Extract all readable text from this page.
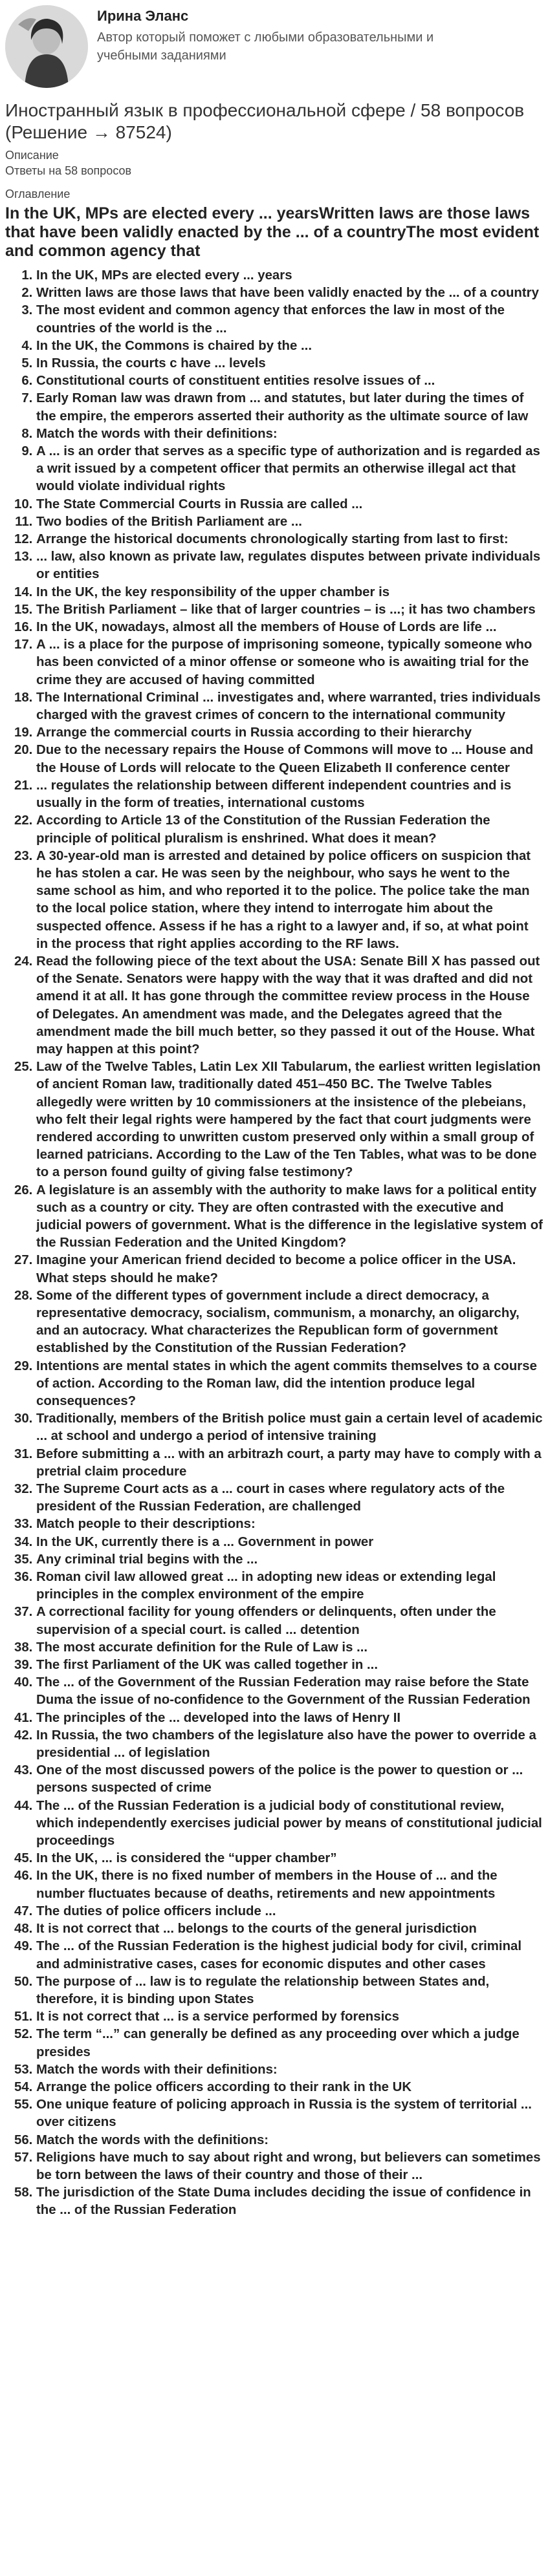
Ирина Эланс
Автор который поможет с любыми образовательными и учебными заданиями
Иностранный язык в профессиональной сфере / 58 вопросов (Решение → 87524)
Описание
Ответы на 58 вопросов
Оглавление
In the UK, MPs are elected every ... yearsWritten laws are those laws that have been validly enacted by the ... of a countryThe most evident and common agency that
1. In the UK, MPs are elected every ... years
2. Written laws are those laws that have been validly enacted by the ... of a country
3. The most evident and common agency that enforces the law in most of the countries of the world is the ...
4. In the UK, the Commons is chaired by the ...
5. In Russia, the courts c have ... levels
6. Constitutional courts of constituent entities resolve issues of ...
7. Early Roman law was drawn from ... and statutes, but later during the times of the empire, the emperors asserted their authority as the ultimate source of law
8. Match the words with their definitions:
9. A ... is an order that serves as a specific type of authorization and is regarded as a writ issued by a competent officer that permits an otherwise illegal act that would violate individual rights
10. The State Commercial Courts in Russia are called ...
11. Two bodies of the British Parliament are ...
12. Arrange the historical documents chronologically starting from last to first:
13. ... law, also known as private law, regulates disputes between private individuals or entities
14. In the UK, the key responsibility of the upper chamber is
15. The British Parliament – like that of larger countries – is ...; it has two chambers
16. In the UK, nowadays, almost all the members of House of Lords are life ...
17. A ... is a place for the purpose of imprisoning someone, typically someone who has been convicted of a minor offense or someone who is awaiting trial for the crime they are accused of having committed
18. The International Criminal ... investigates and, where warranted, tries individuals charged with the gravest crimes of concern to the international community
19. Arrange the commercial courts in Russia according to their hierarchy
20. Due to the necessary repairs the House of Commons will move to ... House and the House of Lords will relocate to the Queen Elizabeth II conference center
21. ... regulates the relationship between different independent countries and is usually in the form of treaties, international customs
22. According to Article 13 of the Constitution of the Russian Federation the principle of political pluralism is enshrined. What does it mean?
23. A 30-year-old man is arrested and detained by police officers on suspicion that he has stolen a car. He was seen by the neighbour, who says he went to the same school as him, and who reported it to the police. The police take the man to the local police station, where they intend to interrogate him about the suspected offence. Assess if he has a right to a lawyer and, if so, at what point in the process that right applies according to the RF laws.
24. Read the following piece of the text about the USA: Senate Bill X has passed out of the Senate. Senators were happy with the way that it was drafted and did not amend it at all. It has gone through the committee review process in the House of Delegates. An amendment was made, and the Delegates agreed that the amendment made the bill much better, so they passed it out of the House. What may happen at this point?
25. Law of the Twelve Tables, Latin Lex XII Tabularum, the earliest written legislation of ancient Roman law, traditionally dated 451–450 BC. The Twelve Tables allegedly were written by 10 commissioners at the insistence of the plebeians, who felt their legal rights were hampered by the fact that court judgments were rendered according to unwritten custom preserved only within a small group of learned patricians. According to the Law of the Ten Tables, what was to be done to a person found guilty of giving false testimony?
26. A legislature is an assembly with the authority to make laws for a political entity such as a country or city. They are often contrasted with the executive and judicial powers of government. What is the difference in the legislative system of the Russian Federation and the United Kingdom?
27. Imagine your American friend decided to become a police officer in the USA. What steps should he make?
28. Some of the different types of government include a direct democracy, a representative democracy, socialism, communism, a monarchy, an oligarchy, and an autocracy. What characterizes the Republican form of government established by the Constitution of the Russian Federation?
29. Intentions are mental states in which the agent commits themselves to a course of action. According to the Roman law, did the intention produce legal consequences?
30. Traditionally, members of the British police must gain a certain level of academic ... at school and undergo a period of intensive training
31. Before submitting a ... with an arbitrazh court, a party may have to comply with a pretrial claim procedure
32. The Supreme Court acts as a ... court in cases where regulatory acts of the president of the Russian Federation, are challenged
33. Match people to their descriptions:
34. In the UK, currently there is a ... Government in power
35. Any criminal trial begins with the ...
36. Roman civil law allowed great ... in adopting new ideas or extending legal principles in the complex environment of the empire
37. A correctional facility for young offenders or delinquents, often under the supervision of a special court. is called ... detention
38. The most accurate definition for the Rule of Law is ...
39. The first Parliament of the UK was called together in ...
40. The ... of the Government of the Russian Federation may raise before the State Duma the issue of no-confidence to the Government of the Russian Federation
41. The principles of the ... developed into the laws of Henry II
42. In Russia, the two chambers of the legislature also have the power to override a presidential ... of legislation
43. One of the most discussed powers of the police is the power to question or ... persons suspected of crime
44. The ... of the Russian Federation is a judicial body of constitutional review, which independently exercises judicial power by means of constitutional judicial proceedings
45. In the UK, ... is considered the “upper chamber”
46. In the UK, there is no fixed number of members in the House of ... and the number fluctuates because of deaths, retirements and new appointments
47. The duties of police officers include ...
48. It is not correct that ... belongs to the courts of the general jurisdiction
49. The ... of the Russian Federation is the highest judicial body for civil, criminal and administrative cases, cases for economic disputes and other cases
50. The purpose of ... law is to regulate the relationship between States and, therefore, it is binding upon States
51. It is not correct that ... is a service performed by forensics
52. The term “...” can generally be defined as any proceeding over which a judge presides
53. Match the words with their definitions:
54. Arrange the police officers according to their rank in the UK
55. One unique feature of policing approach in Russia is the system of territorial ... over citizens
56. Match the words with the definitions:
57. Religions have much to say about right and wrong, but believers can sometimes be torn between the laws of their country and those of their ...
58. The jurisdiction of the State Duma includes deciding the issue of confidence in the ... of the Russian Federation
